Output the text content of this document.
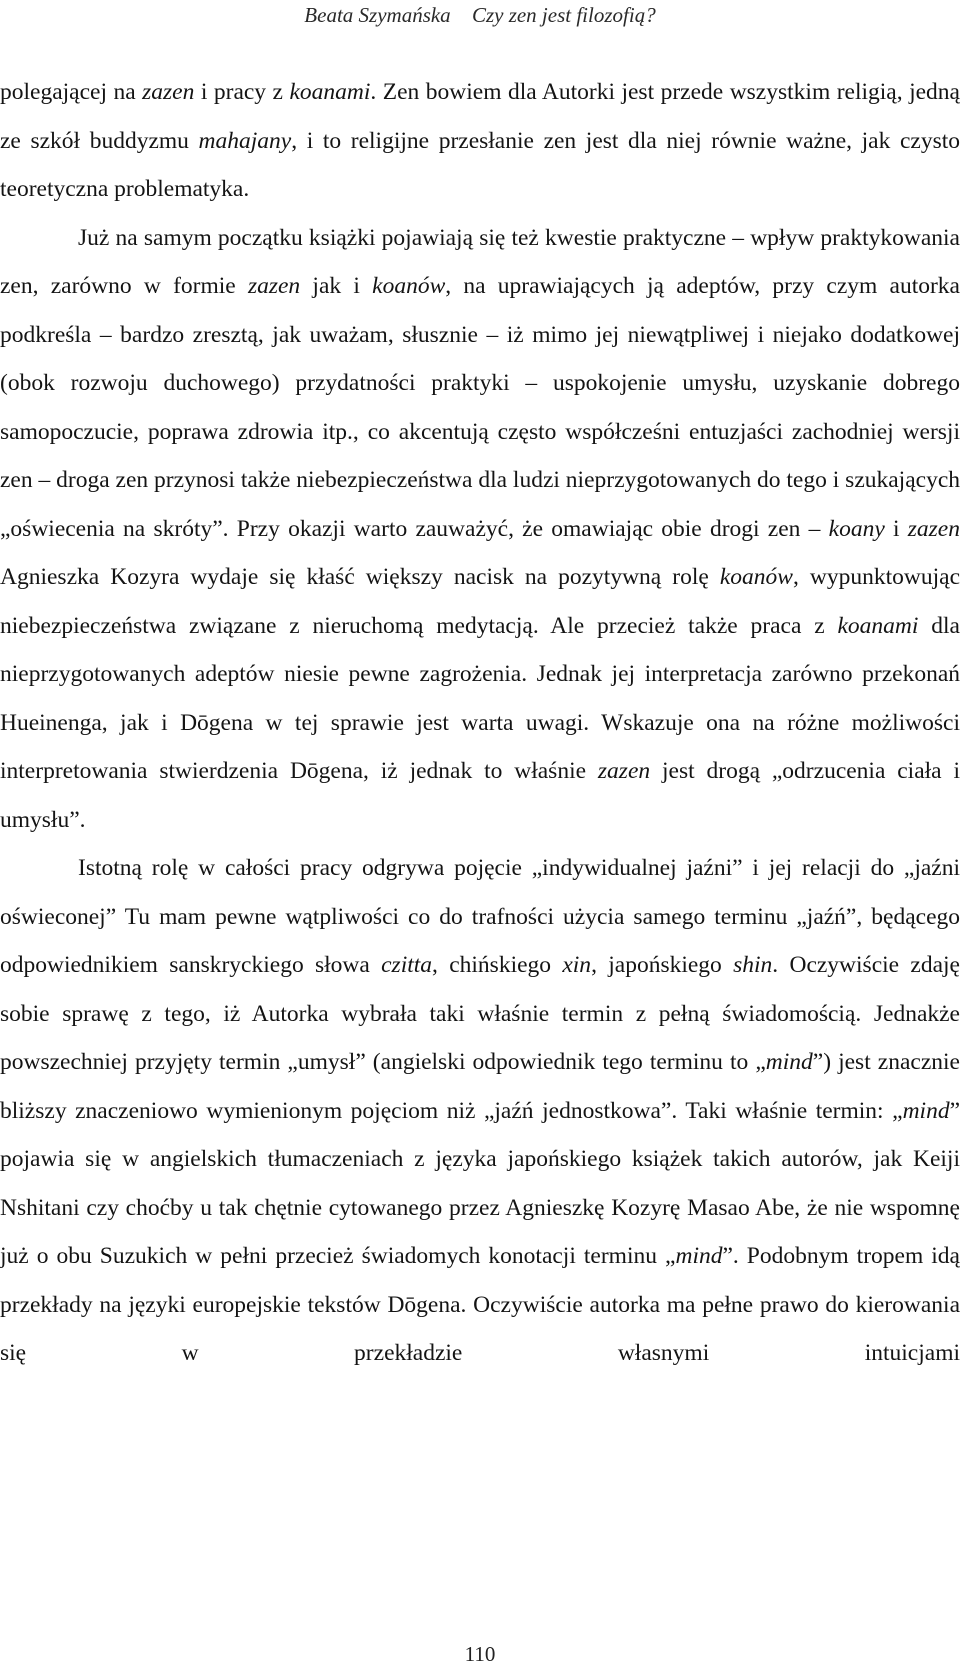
Beata Szymańska Czy zen jest filozofią?

polegającej na zazen i pracy z koanami. Zen bowiem dla Autorki jest przede wszystkim religią, jedną ze szkół buddyzmu mahajany, i to religijne przesłanie zen jest dla niej równie ważne, jak czysto teoretyczna problematyka.

Już na samym początku książki pojawiają się też kwestie praktyczne – wpływ praktykowania zen, zarówno w formie zazen jak i koanów, na uprawiających ją adeptów, przy czym autorka podkreśla – bardzo zresztą, jak uważam, słusznie – iż mimo jej niewątpliwej i niejako dodatkowej (obok rozwoju duchowego) przydatności praktyki – uspokojenie umysłu, uzyskanie dobrego samopoczucie, poprawa zdrowia itp., co akcentują często współcześni entuzjaści zachodniej wersji zen – droga zen przynosi także niebezpieczeństwa dla ludzi nieprzygotowanych do tego i szukających „oświecenia na skróty”. Przy okazji warto zauważyć, że omawiając obie drogi zen – koany i zazen Agnieszka Kozyra wydaje się kłaść większy nacisk na pozytywną rolę koanów, wypunktowując niebezpieczeństwa związane z nieruchomą medytacją. Ale przecież także praca z koanami dla nieprzygotowanych adeptów niesie pewne zagrożenia. Jednak jej interpretacja zarówno przekonań Hueinenga, jak i Dōgena w tej sprawie jest warta uwagi. Wskazuje ona na różne możliwości interpretowania stwierdzenia Dōgena, iż jednak to właśnie zazen jest drogą „odrzucenia ciała i umysłu”.

Istotną rolę w całości pracy odgrywa pojęcie „indywidualnej jaźni” i jej relacji do „jaźni oświeconej” Tu mam pewne wątpliwości co do trafności użycia samego terminu „jaźń”, będącego odpowiednikiem sanskryckiego słowa czitta, chińskiego xin, japońskiego shin. Oczywiście zdaję sobie sprawę z tego, iż Autorka wybrała taki właśnie termin z pełną świadomością. Jednakże powszechniej przyjęty termin „umysł” (angielski odpowiednik tego terminu to „mind”) jest znacznie bliższy znaczeniowo wymienionym pojęciom niż „jaźń jednostkowa”. Taki właśnie termin: „mind” pojawia się w angielskich tłumaczeniach z języka japońskiego książek takich autorów, jak Keiji Nshitani czy choćby u tak chętnie cytowanego przez Agnieszkę Kozyrę Masao Abe, że nie wspomnę już o obu Suzukich w pełni przecież świadomych konotacji terminu „mind”. Podobnym tropem idą przekłady na języki europejskie tekstów Dōgena. Oczywiście autorka ma pełne prawo do kierowania się w przekładzie własnymi intuicjami

110
